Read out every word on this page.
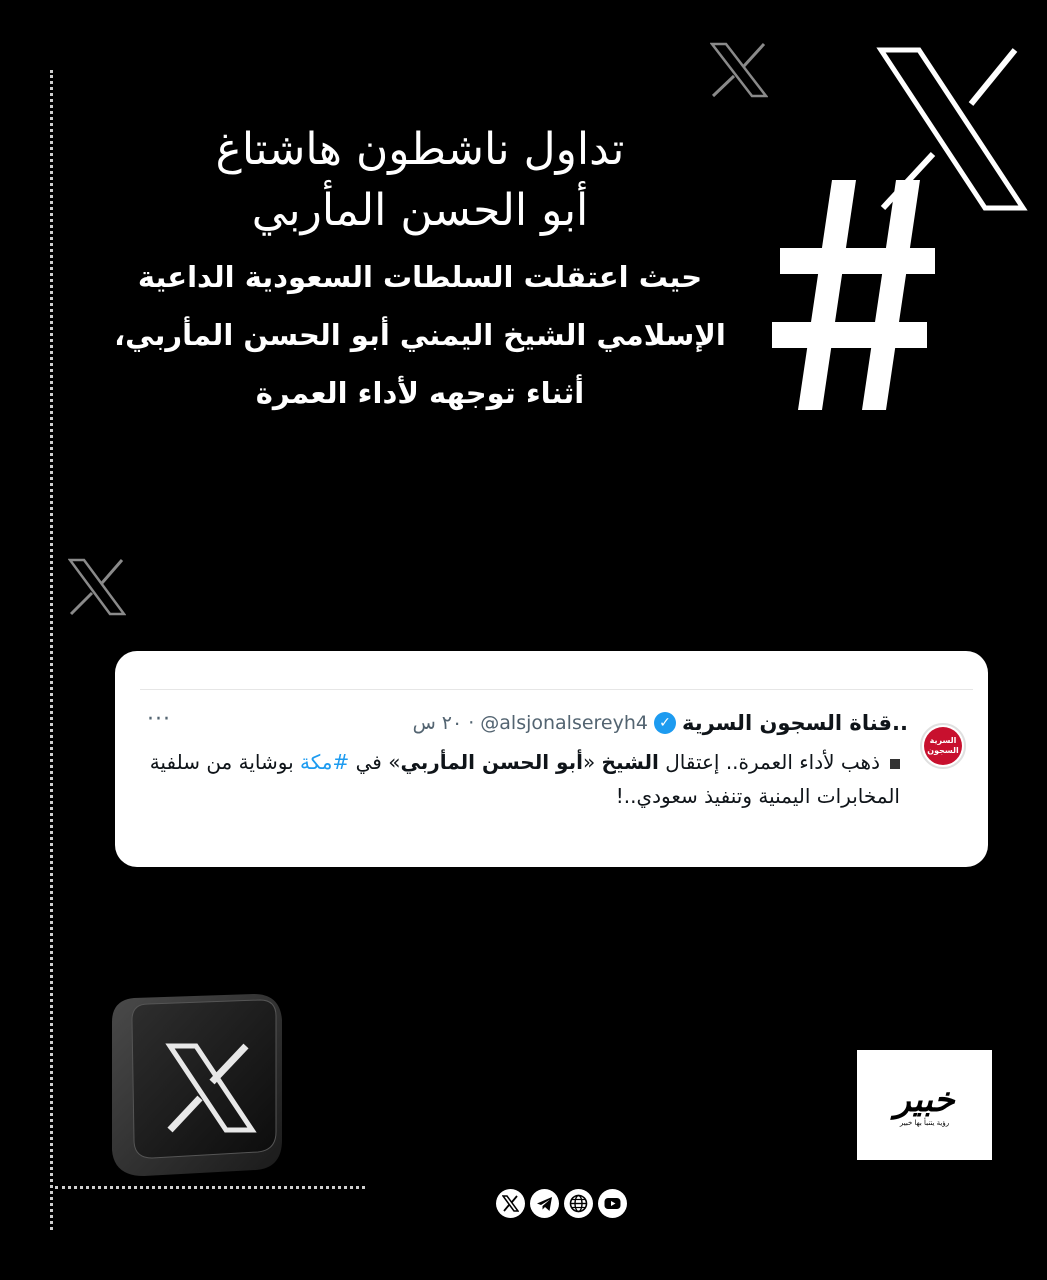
تداول ناشطون هاشتاغ
أبو الحسن المأربي
حيث اعتقلت السلطات السعودية الداعية
الإسلامي الشيخ اليمني أبو الحسن المأربي،
أثناء توجهه لأداء العمرة
السرية السجون
..قناة السجون السرية
✓
@alsjonalsereyh4
·
٢٠ س
···
ذهب لأداء العمرة.. إعتقال الشيخ «أبو الحسن المأربي» في #مكة بوشاية من سلفية المخابرات اليمنية وتنفيذ سعودي..!
خبير
رؤية يتنبأ بها خبير
